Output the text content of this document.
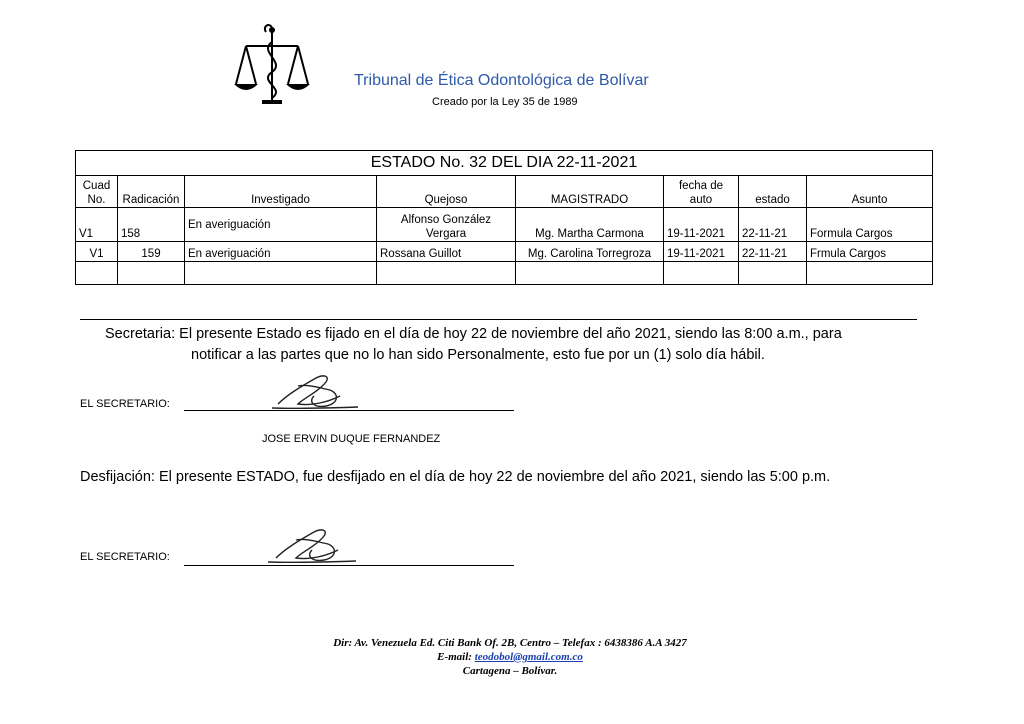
Tribunal de Ética Odontológica de Bolívar
Creado por la Ley 35 de 1989
ESTADO No. 32 DEL DIA 22-11-2021							
Cuad No.	Radicación	Investigado	Quejoso	MAGISTRADO	fecha de auto	estado	Asunto
V1	158	En averiguación	Alfonso González Vergara	Mg. Martha Carmona	19-11-2021	22-11-21	Formula Cargos
V1	159	En averiguación	Rossana Guillot	Mg. Carolina Torregroza	19-11-2021	22-11-21	Frmula Cargos

Secretaria: El presente Estado es fijado en el día de hoy 22 de noviembre del año 2021, siendo las 8:00 a.m., para
notificar a las partes que no lo han sido Personalmente, esto fue por un (1) solo día hábil.
EL SECRETARIO:
JOSE ERVIN DUQUE FERNANDEZ
Desfijación: El presente ESTADO, fue desfijado en el día de hoy 22 de noviembre del año 2021, siendo las 5:00 p.m.
EL SECRETARIO:
Dir: Av. Venezuela Ed. Citi Bank Of. 2B, Centro – Telefax : 6438386 A.A 3427
E-mail: teodobol@gmail.com.co
Cartagena – Bolívar.
